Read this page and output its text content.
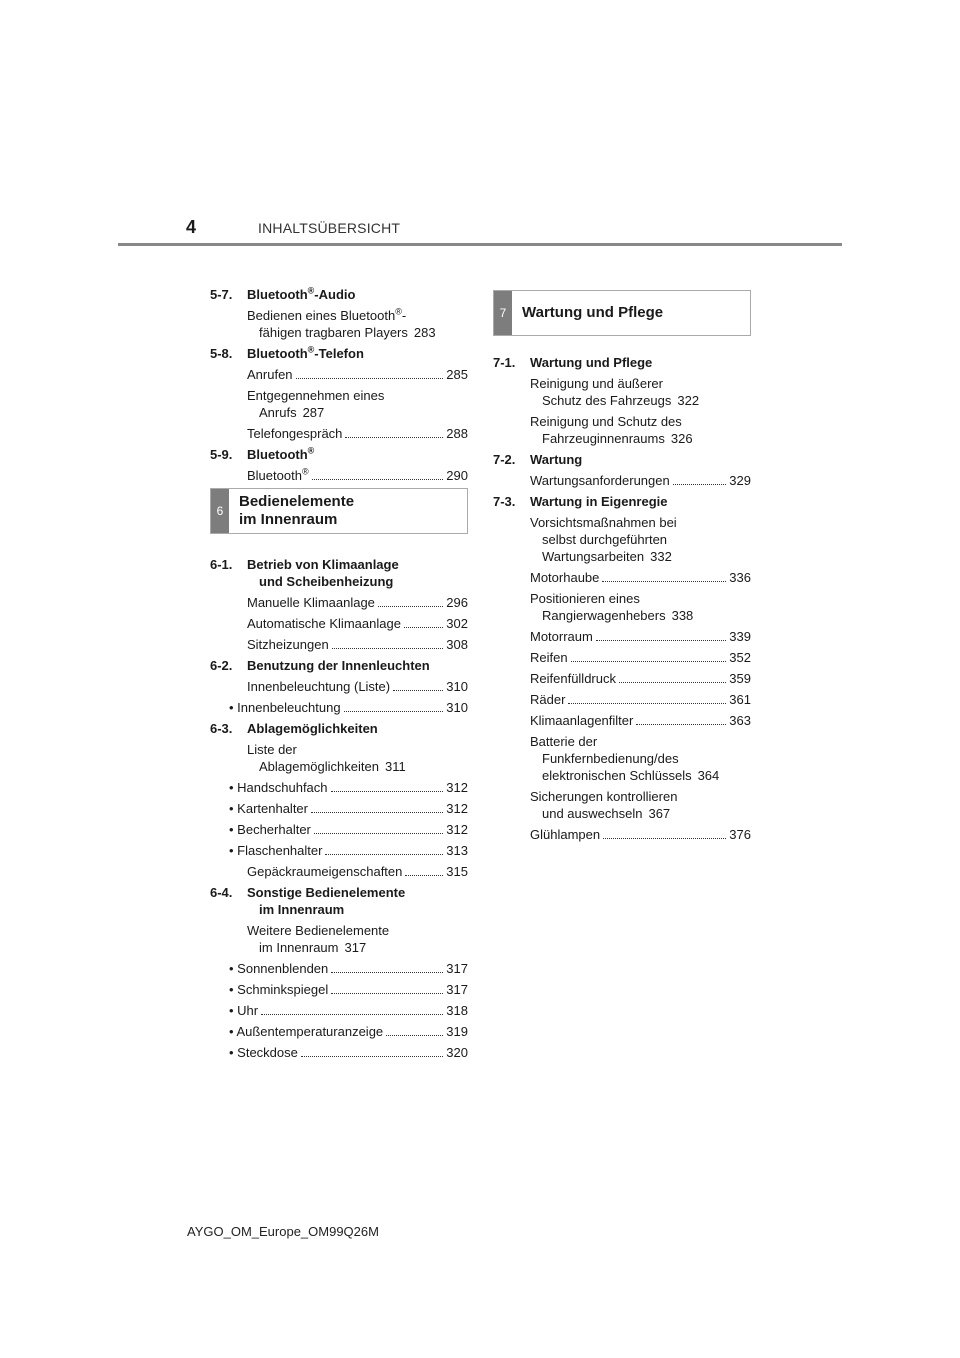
4	INHALTSÜBERSICHT
5-7. Bluetooth®-Audio
Bedienen eines Bluetooth®-
fähigen tragbaren Players 283
5-8. Bluetooth®-Telefon
Anrufen	285
Entgegennehmen eines
Anrufs 287
Telefongespräch	288
5-9. Bluetooth®
Bluetooth®	290
6
Bedienelemente
im Innenraum
6-1. Betrieb von Klimaanlage
und Scheibenheizung
Manuelle Klimaanlage	296
Automatische Klimaanlage	302
Sitzheizungen	308
6-2. Benutzung der Innenleuchten
Innenbeleuchtung (Liste)	310
• Innenbeleuchtung	310
6-3. Ablagemöglichkeiten
Liste der
Ablagemöglichkeiten 311
• Handschuhfach	312
• Kartenhalter	312
• Becherhalter	312
• Flaschenhalter	313
Gepäckraumeigenschaften	315
6-4. Sonstige Bedienelemente
im Innenraum
Weitere Bedienelemente
im Innenraum 317
• Sonnenblenden	317
• Schminkspiegel	317
• Uhr	318
• Außentemperaturanzeige	319
• Steckdose	320
7	Wartung und Pflege
7-1. Wartung und Pflege
Reinigung und äußerer
Schutz des Fahrzeugs 322
Reinigung und Schutz des
Fahrzeuginnenraums 326
7-2. Wartung
Wartungsanforderungen	329
7-3. Wartung in Eigenregie
Vorsichtsmaßnahmen bei
selbst durchgeführten
Wartungsarbeiten 332
Motorhaube	336
Positionieren eines
Rangierwagenhebers 338
Motorraum	339
Reifen	352
Reifenfülldruck	359
Räder	361
Klimaanlagenfilter	363
Batterie der
Funkfernbedienung/des
elektronischen Schlüssels 364
Sicherungen kontrollieren
und auswechseln 367
Glühlampen	376
AYGO_OM_Europe_OM99Q26M
